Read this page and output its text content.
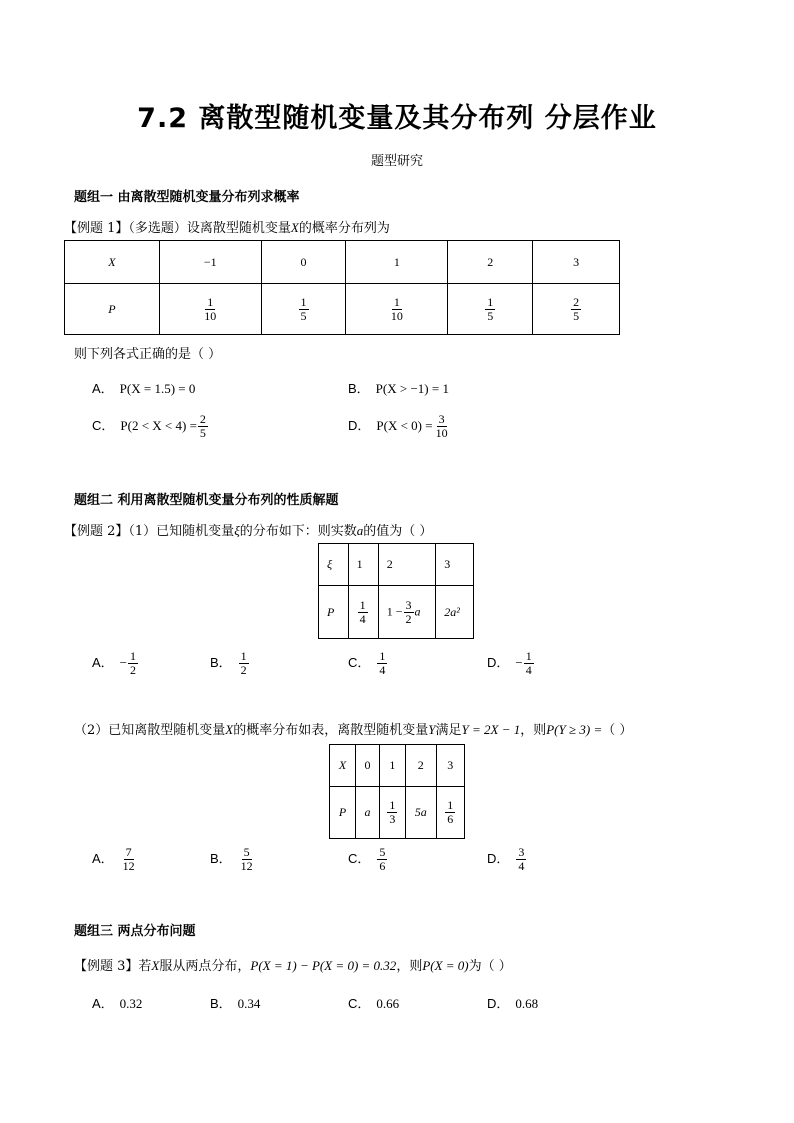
7.2 离散型随机变量及其分布列 分层作业
题型研究
题组一 由离散型随机变量分布列求概率
【例题 1】（多选题）设离散型随机变量X的概率分布列为
X	−1	0	1	2	3
P	$\frac{1}{10}$	$\frac{1}{5}$	$\frac{1}{10}$	$\frac{1}{5}$	$\frac{2}{5}$
则下列各式正确的是（ ）
A． P(X = 1.5) = 0	B． P(X > −1) = 1
C． $P(2 < X < 4) = \frac{2}{5}$	D． $P(X < 0) = \frac{3}{10}$
题组二 利用离散型随机变量分布列的性质解题
【例题 2】（1）已知随机变量ξ的分布如下：则实数a的值为（ ）
ξ	1	2	3
P	$\frac{1}{4}$	$1 - \frac{3}{2}$ a	2a²
A． − $\frac{1}{2}$	B． $\frac{1}{2}$	C． $\frac{1}{4}$	D． − $\frac{1}{4}$
（2）已知离散型随机变量X的概率分布如表，离散型随机变量Y满足Y = 2X − 1，则P(Y ≥ 3) =（ ）
X	0	1	2	3
P	a	$\frac{1}{3}$	5a	$\frac{1}{6}$
A． $\frac{7}{12}$	B． $\frac{5}{12}$	C． $\frac{5}{6}$	D． $\frac{3}{4}$
题组三 两点分布问题
【例题 3】若X服从两点分布，P(X = 1) − P(X = 0) = 0.32，则P(X = 0)为（ ）
A． 0.32	B． 0.34	C． 0.66	D． 0.68
